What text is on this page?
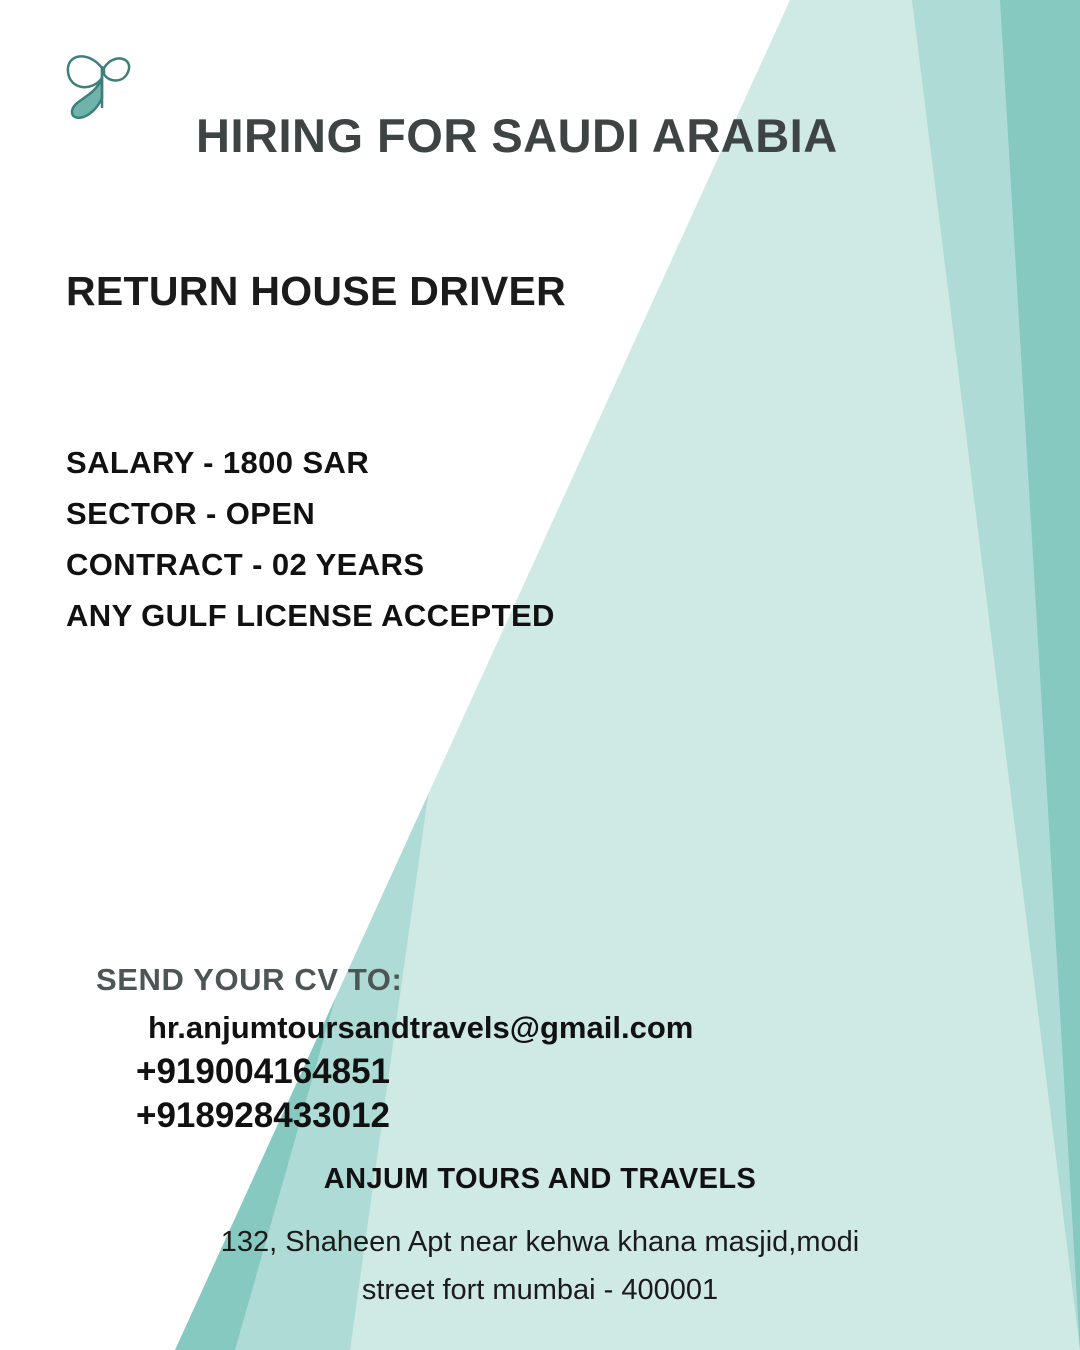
HIRING FOR SAUDI ARABIA
RETURN HOUSE DRIVER
SALARY - 1800 SAR
SECTOR - OPEN
CONTRACT - 02 YEARS
ANY GULF LICENSE ACCEPTED
SEND YOUR CV TO:
hr.anjumtoursandtravels@gmail.com
+919004164851
+918928433012
ANJUM TOURS AND TRAVELS
132, Shaheen Apt near kehwa khana masjid,modi
street fort mumbai - 400001
